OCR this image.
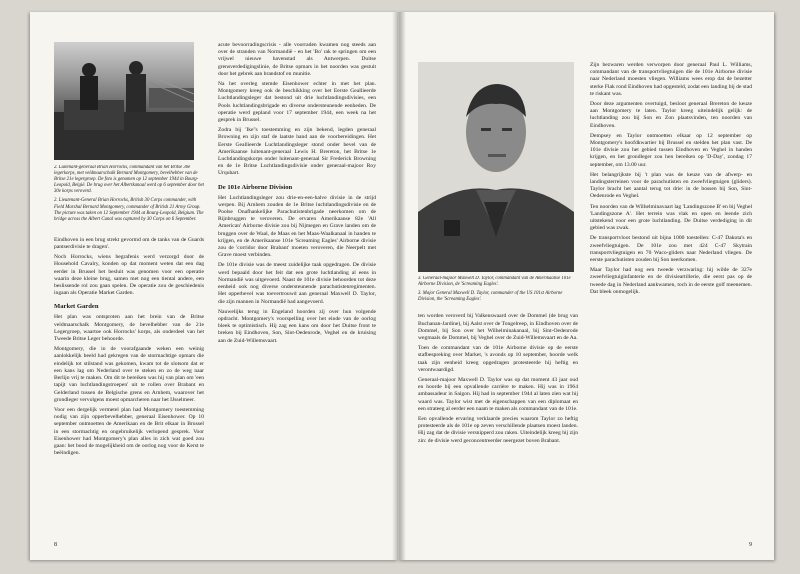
2. Luitenant-generaal Brian Horrocks, commandant van het Britse 30e legerkorps, met veldmaarschalk Bernard Montgomery, bevelhebber van de Britse 21e legergroep. De foto is genomen op 12 september 1944 in Bourg-Leopold, België. De brug over het Albertkanaal werd op 6 september door het 30e korps veroverd.

2. Lieutenant-General Brian Horrocks, British 30 Corps commander, with Field Marshal Bernard Montgomery, commander of British 21 Army Group. The picture was taken on 12 September 1944 at Bourg-Leopold, Belgium. The bridge across the Albert Canal was captured by 30 Corps on 6 September.

Eindhoven in een brug strekt gevormd om de tanks van de Guards pantserdivisie te dragen'.

Noch Horrocks, wiens begrafenis werd verzorgd door de Household Cavalry, konden op dat moment weten dat een dag eerder in Brussel het besluit was genomen voor een operatie waarin deze kleine brug, samen met nog een tiental andere, een beslissende rol zou gaan spelen. De operatie zou de geschiedenis ingaan als Operatie Market Garden.

Market Garden

Het plan was ontsproten aan het brein van de Britse veldmaarschalk Montgomery, de bevelhebber van de 21e Legergroep, waartoe ook Horrocks' korps, als onderdeel van het Tweede Britse Leger behoorde.

Montgomery, die in de voorafgaande weken een weinig aanlokkelijk beeld had gekregen van de stormachtige opmars die eindelijk tot stilstand was gekomen, kwam tot de slotsom dat er een kans lag om Nederland over te steken en zo de weg naar Berlijn vrij te maken. Om dit te bereiken was hij van plan om 'een tapijt van luchtlandingstroepen' uit te rollen over Brabant en Gelderland tussen de Belgische grens en Arnhem, waarover het grondleger vervolgens moest opmarcheren naar het IJsselmeer.

Voor een dergelijk vermetel plan had Montgomery toestemming nodig van zijn opperbevelhebber, generaal Eisenhower. Op 10 september ontmoetten de Amerikaan en de Brit elkaar in Brussel in een stormachtig en ongebruikelijk verlopend gesprek. Voor Eisenhower had Montgomery's plan alles in zich wat goed zou gaan: het bood de mogelijkheid om de oorlog nog voor de Kerst te beëindigen.

acute bevoorradingscrisis - alle voorraden kwamen nog steeds aan over de stranden van Normandië - en het 'Bo' rak te springen om een vrijwel nieuwe havenstad als Antwerpen. Duitse grensverdedigingslinie, de Britse opmars in het noorden was gestuit door het gebrek aan brandstof en munitie.

Na het overleg stemde Eisenhower echter in met het plan. Montgomery kreeg ook de beschikking over het Eerste Geallieerde Luchtlandingsleger dat bestond uit drie luchtlandingsdivisies, een Pools luchtlandingsbrigade en diverse ondersteunende eenheden. De operatie werd gepland voor 17 september 1944, een week na het gesprek in Brussel.

Zodra bij 'Ike''s toestemming en zijn bekend, legden generaal Browning en zijn staf de laatste hand aan de voorbereidingen. Het Eerste Geallieerde Luchtlandingsleger stond onder bevel van de Amerikaanse luitenant-generaal Lewis H. Brereton, het Britse 1e Luchtlandingskorps onder luitenant-generaal Sir Frederick Browning en de 1e Britse Luchtlandingsdivisie onder generaal-majoor Roy Urquhart.

De 101e Airborne Division

Het Luchtlandingsleger zou drie-en-een-halve divisie in de strijd werpen. Bij Arnhem zouden de 1e Britse luchtlandingsdivisie en de Poolse Onafhankelijke Parachutistenbrigade neerkomen om de Rijnbruggen te veroveren. De ervaren Amerikaanse 82e 'All American' Airborne divisie zou bij Nijmegen en Grave landen om de bruggen over de Waal, de Maas en het Maas-Waalkanaal in handen te krijgen, en de Amerikaanse 101e 'Screaming Eagles' Airborne divisie zou de 'corridor door Brabant' moeten veroveren, die Neerpelt met Grave moest verbinden.

De 101e divisie was de meest zuidelijke taak opgedragen. De divisie werd bepaald door het feit dat een grote luchtlanding al eens in Normandië was uitgevoerd. Naast de 101e divisie behoorden tot deze eenheid ook nog diverse ondersteunende parachutistenregimenten. Het opperbevel was toevertrouwd aan generaal Maxwell D. Taylor, die zijn mannen in Normandië had aangevoerd.

Nauwelijks terug in Engeland hoorden zij over hun volgende opdracht. Montgomery's voorspelling over het einde van de oorlog bleek te optimistisch. Hij zag een kans om door het Duitse front te breken bij Eindhoven, Son, Sint-Oedenrode, Veghel en de kruising aan de Zuid-Willemsvaart.

8

3. Generaal-majoor Maxwell D. Taylor, commandant van de Amerikaanse 101e Airborne Division, de 'Screaming Eagles'.

3. Major General Maxwell D. Taylor, commander of the US 101st Airborne Division, the 'Screaming Eagles'.

ten worden veroverd bij Valkenswaard over de Dommel (de brug van Buchanan-Jardine), bij Aalst over de Tongelreep, in Eindhoven over de Dommel, bij Son over het Wilhelminakanaal, bij Sint-Oedenrode wegmaals de Dommel, bij Veghel over de Zuid-Willemsvaart en de Aa.

Toen de commandant van de 101e Airborne divisie op de eerste stafbespreking over Market, 's avonds op 10 september, hoorde welk taak zijn eenheid kreeg opgedragen protesteerde hij heftig en verontwaardigd.

Generaal-majoor Maxwell D. Taylor was op dat moment 43 jaar oud en hoorde bij een opvallende carrière te maken. Hij was in 1964 ambassadeur in Saigon. Hij had in september 1944 al laten zien wat hij waard was. Taylor wist met de eigenschappen van een diplomaat en een strateeg al eerder een naam te maken als commandant van de 101e.

Een opvallende ervaring verklaarde precies waarom Taylor zo heftig protesteerde als de 101e op zeven verschillende plaatsen moest landen. Hij zag dat de divisie versnipperd zou raken. Uiteindelijk kreeg hij zijn zin: de divisie werd geconcentreerder neergezet boven Brabant.

Zijn bezwaren werden verworpen door generaal Paul L. Williams, commandant van de transportvliegtuigen die de 101e Airborne divisie naar Nederland moesten vliegen. Williams wees erop dat de bezetter sterke Flak rond Eindhoven had opgesteld, zodat een landing bij de stad te riskant was.

Door deze argumenten overtuigd, besloot generaal Brereton de keuze aan Montgomery te laten. Taylor kreeg uiteindelijk gelijk: de luchtlanding zou bij Son en Zon plaatsvinden, ten noorden van Eindhoven.

Dempsey en Taylor ontmoetten elkaar op 12 september op Montgomery's hoofdkwartier bij Brussel en stelden het plan vast. De 101e divisie zou het gebied tussen Eindhoven en Veghel in handen krijgen, en het grondleger zou hen bereiken op 'D-Day', zondag 17 september, om 13.00 uur.

Het belangrijkste bij 't plan was de keuze van de afwerp- en landingsterreinen voor de parachutisten en zweefvliegtuigen (gliders). Taylor bracht het aantal terug tot drie: in de bossen bij Son, Sint-Oedenrode en Veghel.

Ten noorden van de Wilhelminavaart lag 'Landingszone B' en bij Veghel 'Landingszone A'. Het terrein was vlak en open en leende zich uitstekend voor een grote luchtlanding. De Duitse verdediging in dit gebied was zwak.

De transportvloot bestond uit bijna 1000 toestellen: C-47 Dakota's en zweefvliegtuigen. De 101e zou met 424 C-47 Skytrain transportvliegtuigen en 70 Waco-gliders naar Nederland vliegen. De eerste parachutisten zouden bij Son neerkomen.

Maar Taylor had nog een tweede verzwaring: hij wilde de 327e zweefvliegtuiginfanterie en de divisieartillerie, die eerst pas op de tweede dag in Nederland aankwamen, toch in de eerste golf meenemen. Dat bleek onmogelijk.

9
